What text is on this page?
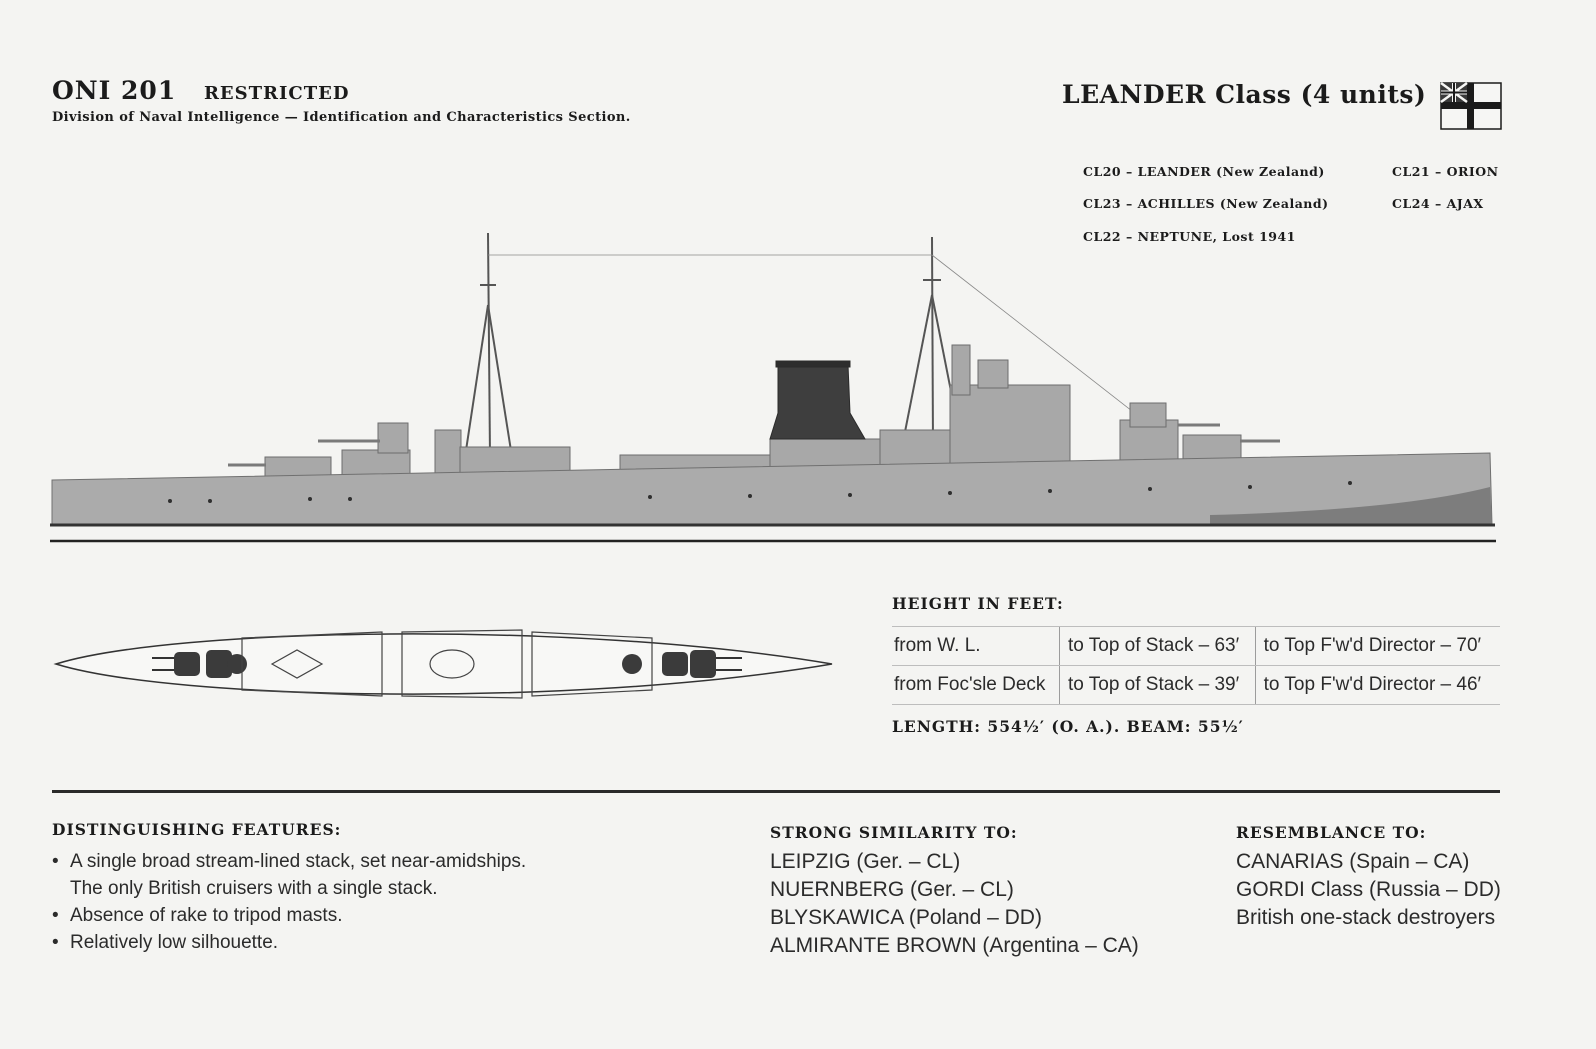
ONI 201 RESTRICTED
Division of Naval Intelligence — Identification and Characteristics Section.
LEANDER Class (4 units)
CL20 – LEANDER (New Zealand)
CL23 – ACHILLES (New Zealand)
CL22 – NEPTUNE, Lost 1941
CL21 – ORION
CL24 – AJAX
HEIGHT IN FEET:
from W. L.	to Top of Stack – 63′	to Top F'w'd Director – 70′
from Foc'sle Deck	to Top of Stack – 39′	to Top F'w'd Director – 46′
LENGTH: 554½′ (O. A.). BEAM: 55½′
DISTINGUISHING FEATURES:
• A single broad stream-lined stack, set near-amidships.
The only British cruisers with a single stack.
• Absence of rake to tripod masts.
• Relatively low silhouette.
STRONG SIMILARITY TO:
LEIPZIG (Ger. – CL)
NUERNBERG (Ger. – CL)
BLYSKAWICA (Poland – DD)
ALMIRANTE BROWN (Argentina – CA)
RESEMBLANCE TO:
CANARIAS (Spain – CA)
GORDI Class (Russia – DD)
British one-stack destroyers
